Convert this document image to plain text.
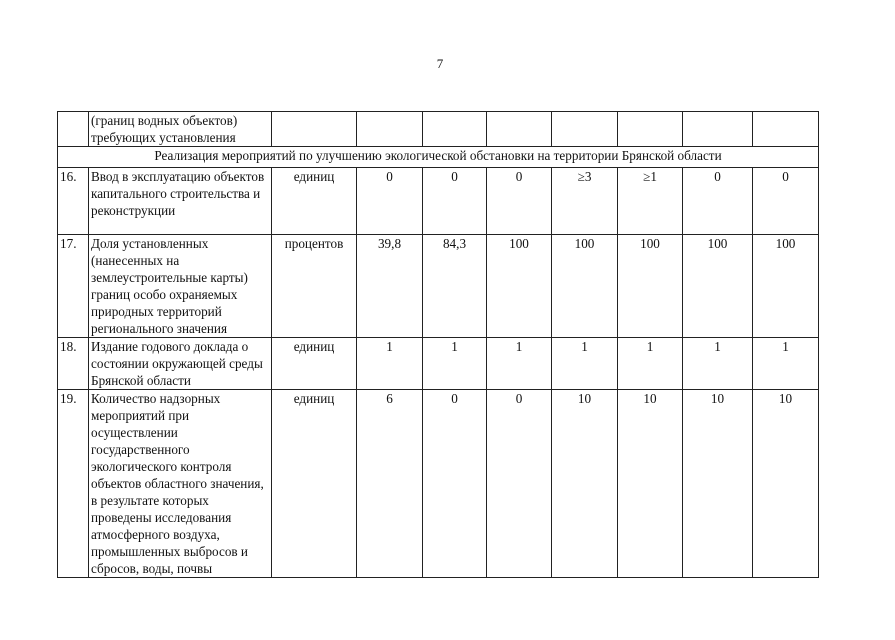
7
	(границ водных объектов) требующих установления								
Реализация мероприятий по улучшению экологической обстановки на территории Брянской области									
16.	Ввод в эксплуатацию объектов капитального строительства и реконструкции	единиц	0	0	0	≥3	≥1	0	0
17.	Доля установленных (нанесенных на землеустроительные карты) границ особо охраняемых природных территорий регионального значения	процентов	39,8	84,3	100	100	100	100	100
18.	Издание годового доклада о состоянии окружающей среды Брянской области	единиц	1	1	1	1	1	1	1
19.	Количество надзорных мероприятий при осуществлении государственного экологического контроля объектов областного значения, в результате которых проведены исследования атмосферного воздуха, промышленных выбросов и сбросов, воды, почвы	единиц	6	0	0	10	10	10	10
